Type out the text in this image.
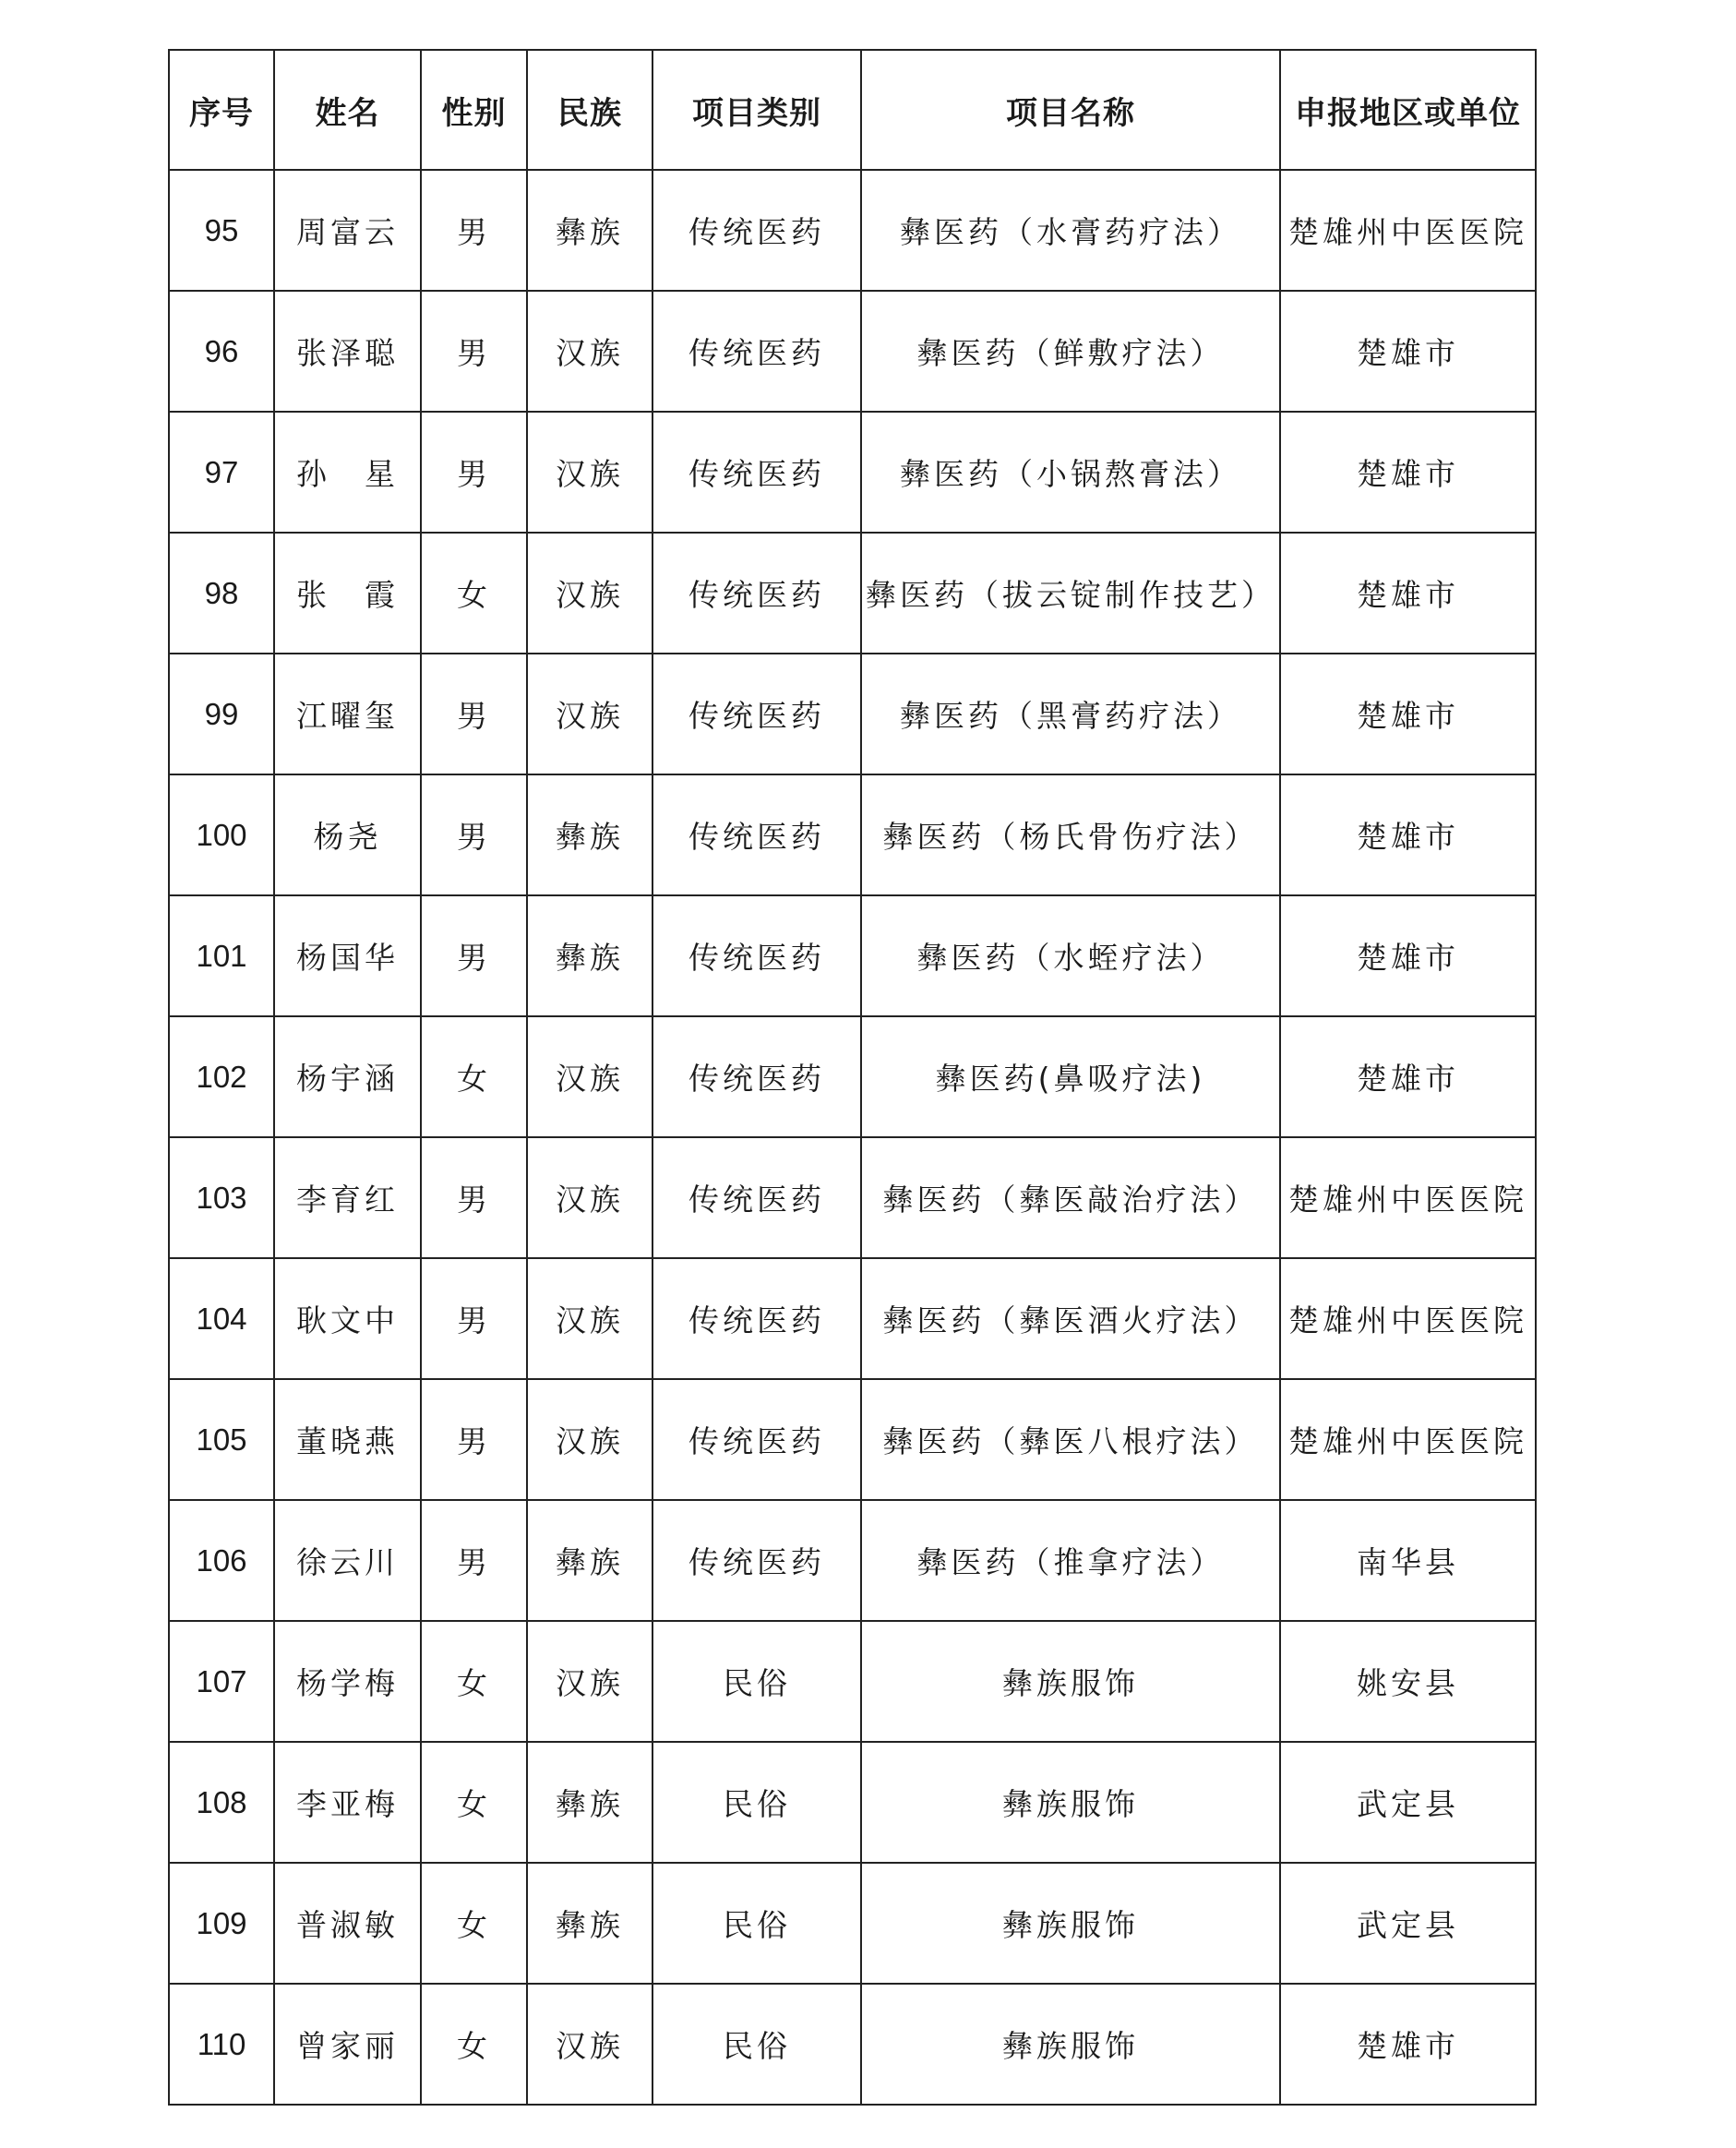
序号	姓名	性别	民族	项目类别	项目名称	申报地区或单位
95	周富云	男	彝族	传统医药	彝医药（水膏药疗法）	楚雄州中医医院
96	张泽聪	男	汉族	传统医药	彝医药（鲜敷疗法）	楚雄市
97	孙　星	男	汉族	传统医药	彝医药（小锅熬膏法）	楚雄市
98	张　霞	女	汉族	传统医药	彝医药（拔云锭制作技艺）	楚雄市
99	江曜玺	男	汉族	传统医药	彝医药（黑膏药疗法）	楚雄市
100	杨尧	男	彝族	传统医药	彝医药（杨氏骨伤疗法）	楚雄市
101	杨国华	男	彝族	传统医药	彝医药（水蛭疗法）	楚雄市
102	杨宇涵	女	汉族	传统医药	彝医药(鼻吸疗法)	楚雄市
103	李育红	男	汉族	传统医药	彝医药（彝医敲治疗法）	楚雄州中医医院
104	耿文中	男	汉族	传统医药	彝医药（彝医酒火疗法）	楚雄州中医医院
105	董晓燕	男	汉族	传统医药	彝医药（彝医八根疗法）	楚雄州中医医院
106	徐云川	男	彝族	传统医药	彝医药（推拿疗法）	南华县
107	杨学梅	女	汉族	民俗	彝族服饰	姚安县
108	李亚梅	女	彝族	民俗	彝族服饰	武定县
109	普淑敏	女	彝族	民俗	彝族服饰	武定县
110	曾家丽	女	汉族	民俗	彝族服饰	楚雄市
